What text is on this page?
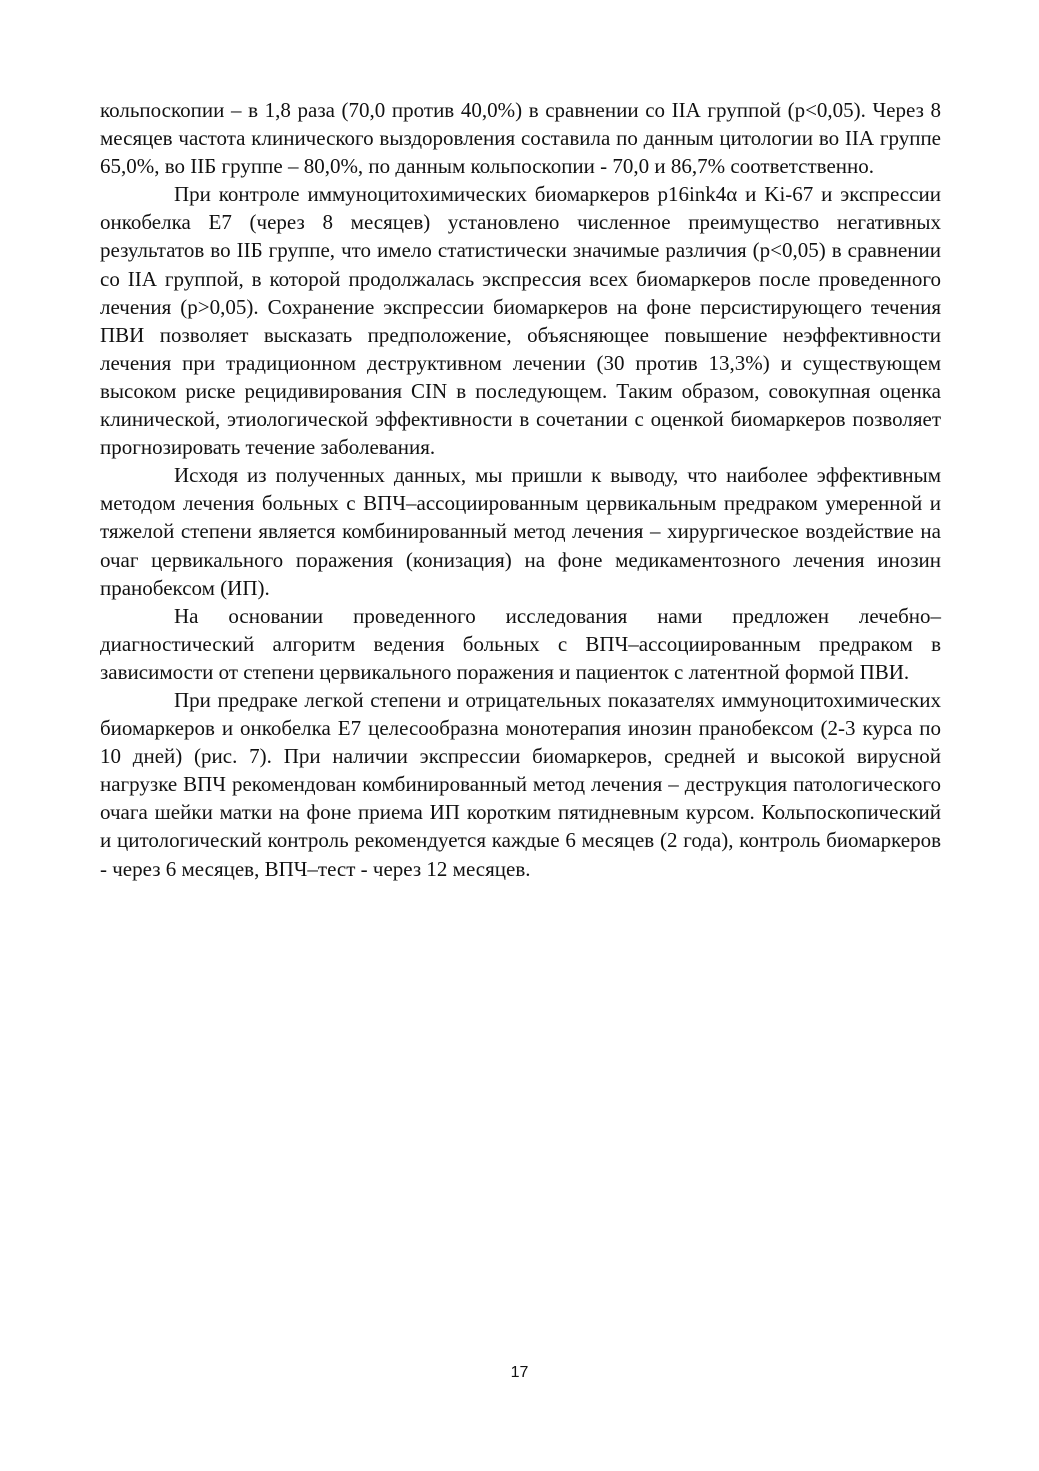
кольпоскопии – в 1,8 раза (70,0 против 40,0%) в сравнении со IIА группой (р<0,05). Через 8 месяцев частота клинического выздоровления составила по данным цитологии во IIА группе 65,0%, во IIБ группе – 80,0%, по данным кольпоскопии - 70,0 и 86,7% соответственно.

При контроле иммуноцитохимических биомаркеров р16ink4α и Ki-67 и экспрессии онкобелка Е7 (через 8 месяцев) установлено численное преимущество негативных результатов во IIБ группе, что имело статистически значимые различия (р<0,05) в сравнении со IIА группой, в которой продолжалась экспрессия всех биомаркеров после проведенного лечения (р>0,05). Сохранение экспрессии биомаркеров на фоне персистирующего течения ПВИ позволяет высказать предположение, объясняющее повышение неэффективности лечения при традиционном деструктивном лечении (30 против 13,3%) и существующем высоком риске рецидивирования CIN в последующем. Таким образом, совокупная оценка клинической, этиологической эффективности в сочетании с оценкой биомаркеров позволяет прогнозировать течение заболевания.

Исходя из полученных данных, мы пришли к выводу, что наиболее эффективным методом лечения больных с ВПЧ–ассоциированным цервикальным предраком умеренной и тяжелой степени является комбинированный метод лечения – хирургическое воздействие на очаг цервикального поражения (конизация) на фоне медикаментозного лечения инозин пранобексом (ИП).

На основании проведенного исследования нами предложен лечебно–диагностический алгоритм ведения больных с ВПЧ–ассоциированным предраком в зависимости от степени цервикального поражения и пациенток с латентной формой ПВИ.

При предраке легкой степени и отрицательных показателях иммуноцитохимических биомаркеров и онкобелка Е7 целесообразна монотерапия инозин пранобексом (2-3 курса по 10 дней) (рис. 7). При наличии экспрессии биомаркеров, средней и высокой вирусной нагрузке ВПЧ рекомендован комбинированный метод лечения – деструкция патологического очага шейки матки на фоне приема ИП коротким пятидневным курсом. Кольпоскопический и цитологический контроль рекомендуется каждые 6 месяцев (2 года), контроль биомаркеров - через 6 месяцев, ВПЧ–тест - через 12 месяцев.

17
